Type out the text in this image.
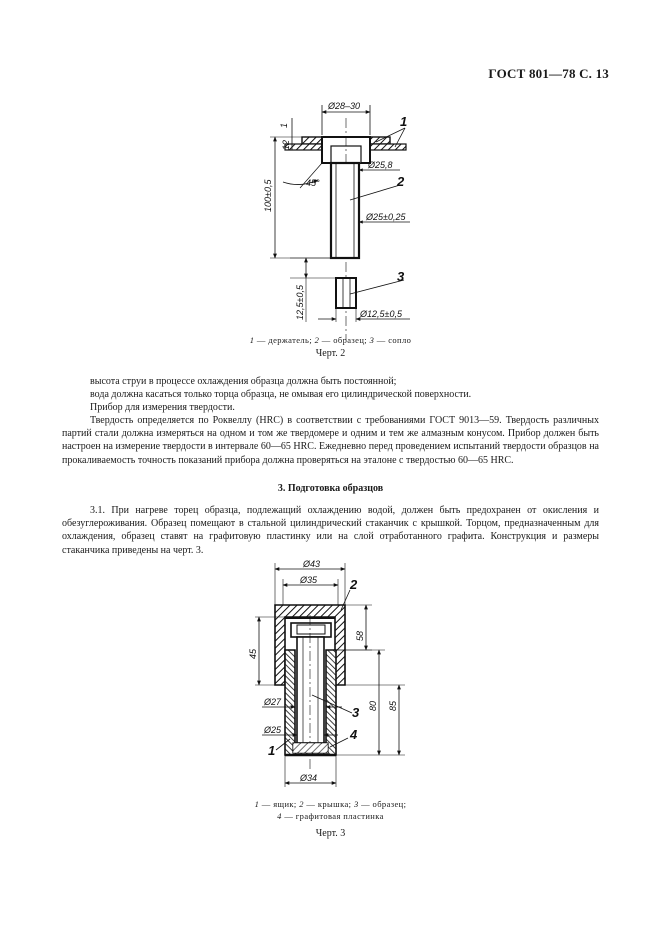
ГОСТ 801—78 С. 13
Ø28–30
100±0,5
12
1
45°
Ø25,8
Ø25±0,25
12,5±0,5	Ø12,5±0,5
1
2
3
1 — держатель; 2 — образец; 3 — сопло
Черт. 2

высота струи в процессе охлаждения образца должна быть постоянной;

вода должна касаться только торца образца, не омывая его цилиндрической поверхности.

Прибор для измерения твердости.

Твердость определяется по Роквеллу (HRC) в соответствии с требованиями ГОСТ 9013—59. Твердость различных партий стали должна измеряться на одном и том же твердомере и одним и тем же алмазным конусом. Прибор должен быть настроен на измерение твердости в интервале 60—65 HRC. Ежедневно перед проведением испытаний твердости образцов на прокаливаемость точность показаний прибора должна проверяться на эталоне с твердостью 60—65 HRC.

3. Подготовка образцов

3.1. При нагреве торец образца, подлежащий охлаждению водой, должен быть предохранен от окисления и обезуглероживания. Образец помещают в стальной цилиндрический стаканчик с крышкой. Торцом, предназначенным для охлаждения, образец ставят на графитовую пластинку или на слой отработанного графита. Конструкция и размеры стаканчика приведены на черт. 3.

Ø43
Ø35
45
58
80 85
Ø27
Ø25
Ø34
1
2
3
4
1 — ящик; 2 — крышка; 3 — образец;
4 — графитовая пластинка
Черт. 3
